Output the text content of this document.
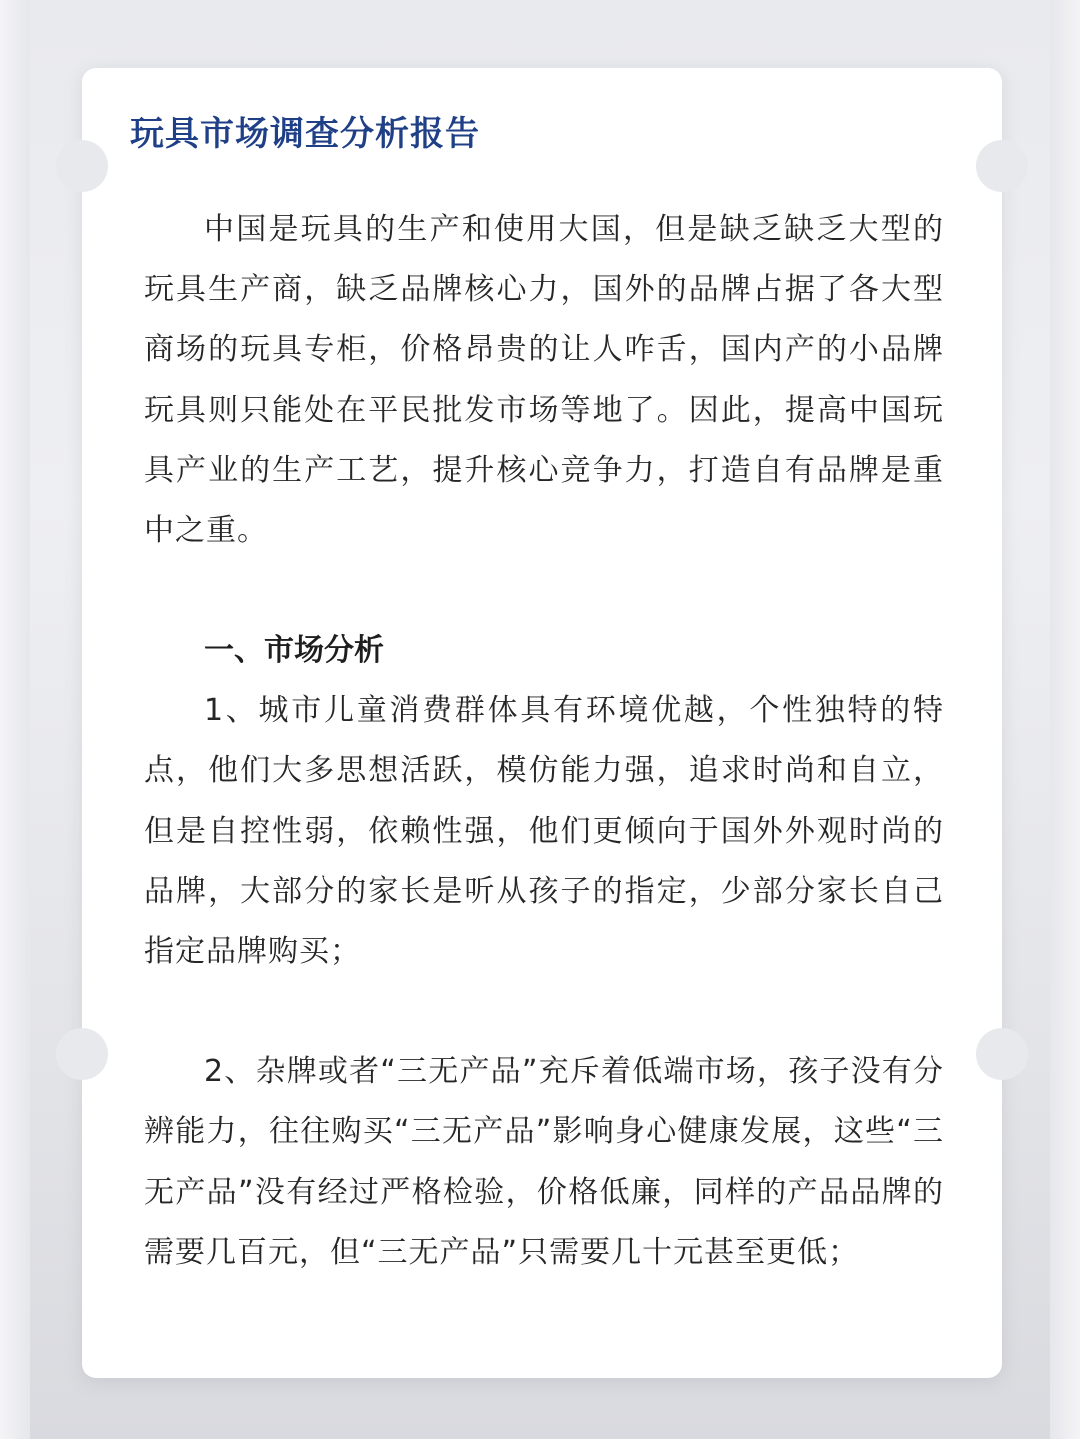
玩具市场调查分析报告

中国是玩具的生产和使用大国，但是缺乏缺乏大型的玩具生产商，缺乏品牌核心力，国外的品牌占据了各大型商场的玩具专柜，价格昂贵的让人咋舌，国内产的小品牌玩具则只能处在平民批发市场等地了。因此，提高中国玩具产业的生产工艺，提升核心竞争力，打造自有品牌是重中之重。

一、市场分析

1、城市儿童消费群体具有环境优越，个性独特的特点，他们大多思想活跃，模仿能力强，追求时尚和自立，但是自控性弱，依赖性强，他们更倾向于国外外观时尚的品牌，大部分的家长是听从孩子的指定，少部分家长自己指定品牌购买；

2、杂牌或者“三无产品”充斥着低端市场，孩子没有分辨能力，往往购买“三无产品”影响身心健康发展，这些“三无产品”没有经过严格检验，价格低廉，同样的产品品牌的需要几百元，但“三无产品”只需要几十元甚至更低；
